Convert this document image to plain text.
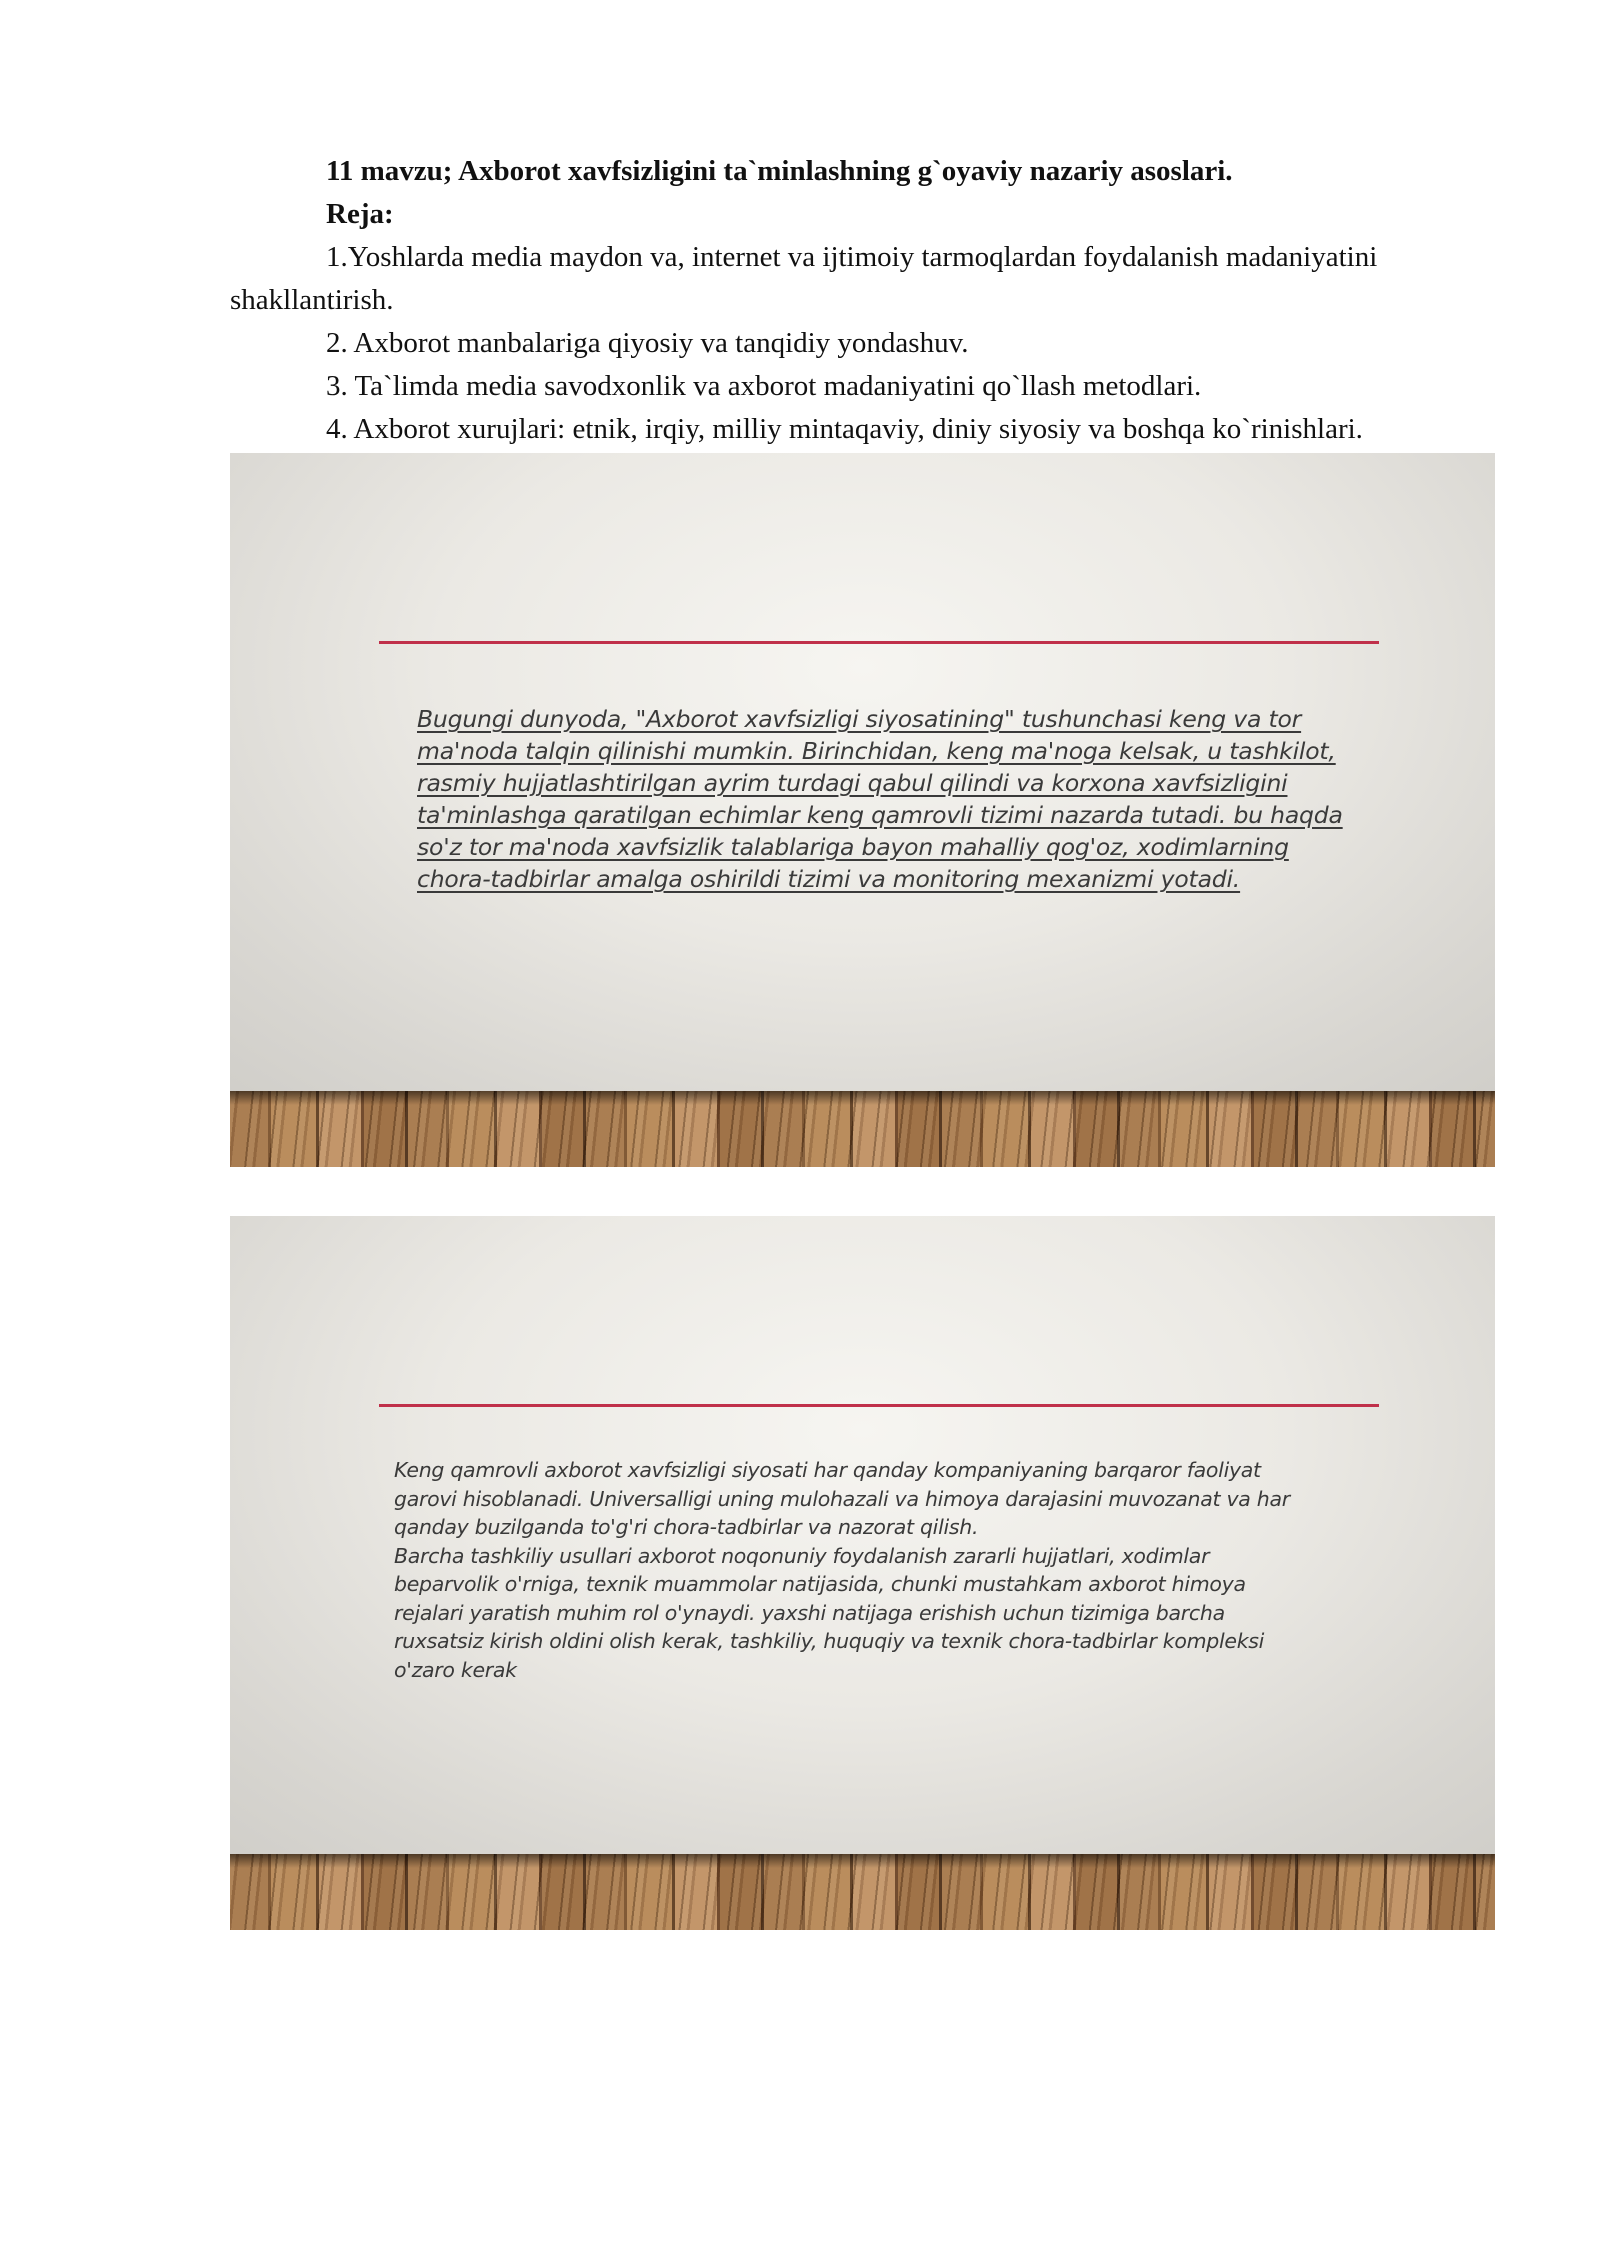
11 mavzu; Axborot xavfsizligini ta`minlashning g`oyaviy nazariy asoslari.

Reja:

1.Yoshlarda media maydon va, internet va ijtimoiy tarmoqlardan foydalanish madaniyatini shakllantirish.

2. Axborot manbalariga qiyosiy va tanqidiy yondashuv.

3. Ta`limda media savodxonlik va axborot madaniyatini qo`llash metodlari.

4. Axborot xurujlari: etnik, irqiy, milliy mintaqaviy, diniy siyosiy va boshqa ko`rinishlari.

Bugungi dunyoda, "Axborot xavfsizligi siyosatining" tushunchasi keng va tor
ma'noda talqin qilinishi mumkin. Birinchidan, keng ma'noga kelsak, u tashkilot,
rasmiy hujjatlashtirilgan ayrim turdagi qabul qilindi va korxona xavfsizligini
ta'minlashga qaratilgan echimlar keng qamrovli tizimi nazarda tutadi. bu haqda
so'z tor ma'noda xavfsizlik talablariga bayon mahalliy qog'oz, xodimlarning
chora-tadbirlar amalga oshirildi tizimi va monitoring mexanizmi yotadi.

Keng qamrovli axborot xavfsizligi siyosati har qanday kompaniyaning barqaror faoliyat
garovi hisoblanadi. Universalligi uning mulohazali va himoya darajasini muvozanat va har
qanday buzilganda to'g'ri chora-tadbirlar va nazorat qilish.
Barcha tashkiliy usullari axborot noqonuniy foydalanish zararli hujjatlari, xodimlar
beparvolik o'rniga, texnik muammolar natijasida, chunki mustahkam axborot himoya
rejalari yaratish muhim rol o'ynaydi. yaxshi natijaga erishish uchun tizimiga barcha
ruxsatsiz kirish oldini olish kerak, tashkiliy, huquqiy va texnik chora-tadbirlar kompleksi
o'zaro kerak
